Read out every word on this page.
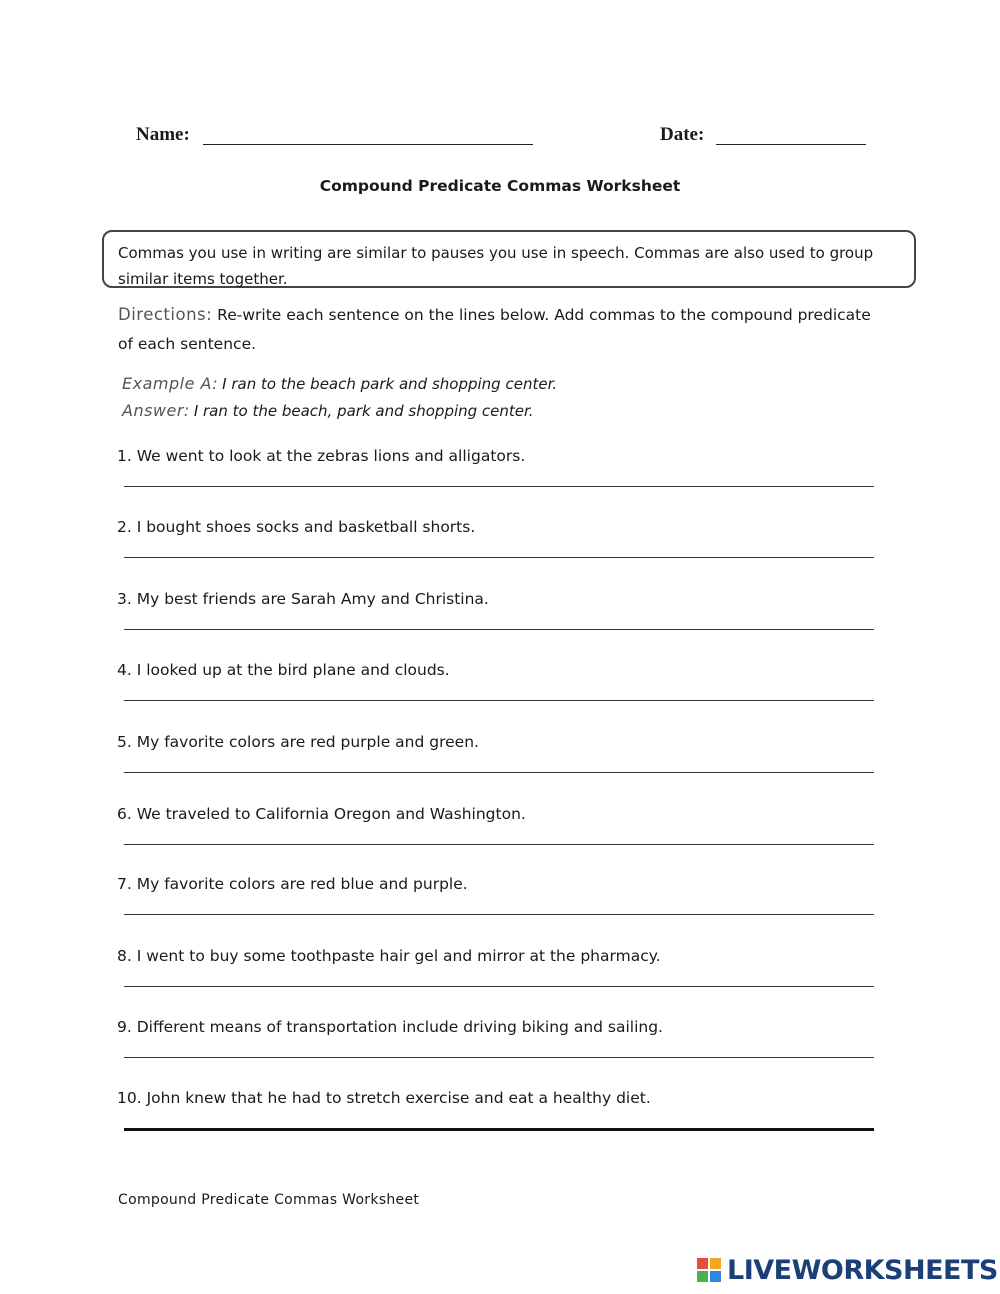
Name:	Date:
Compound Predicate Commas Worksheet
Commas you use in writing are similar to pauses you use in speech. Commas are also used to group similar items together.
Directions: Re-write each sentence on the lines below. Add commas to the compound predicate of each sentence.
Example A: I ran to the beach park and shopping center.
Answer: I ran to the beach, park and shopping center.
1. We went to look at the zebras lions and alligators.
2. I bought shoes socks and basketball shorts.
3. My best friends are Sarah Amy and Christina.
4. I looked up at the bird plane and clouds.
5. My favorite colors are red purple and green.
6. We traveled to California Oregon and Washington.
7. My favorite colors are red blue and purple.
8. I went to buy some toothpaste hair gel and mirror at the pharmacy.
9. Different means of transportation include driving biking and sailing.
10. John knew that he had to stretch exercise and eat a healthy diet.
Compound Predicate Commas Worksheet
LIVEWORKSHEETS
